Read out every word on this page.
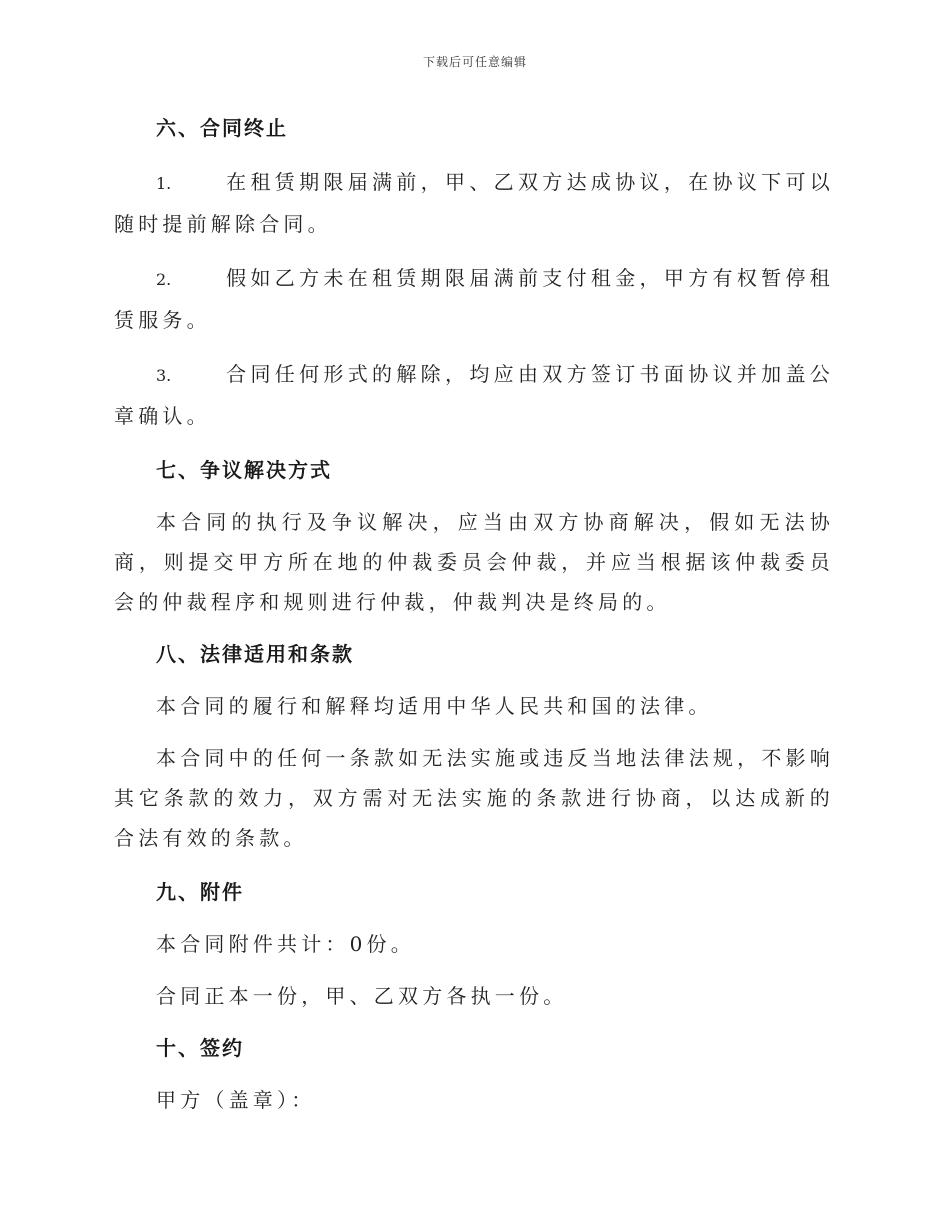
下载后可任意编辑
六、合同终止

1.	在租赁期限届满前，甲、乙双方达成协议，在协议下可以随时提前解除合同。

2.	假如乙方未在租赁期限届满前支付租金，甲方有权暂停租赁服务。

3.	合同任何形式的解除，均应由双方签订书面协议并加盖公章确认。

七、争议解决方式

本合同的执行及争议解决，应当由双方协商解决，假如无法协商，则提交甲方所在地的仲裁委员会仲裁，并应当根据该仲裁委员会的仲裁程序和规则进行仲裁，仲裁判决是终局的。

八、法律适用和条款

本合同的履行和解释均适用中华人民共和国的法律。

本合同中的任何一条款如无法实施或违反当地法律法规，不影响其它条款的效力，双方需对无法实施的条款进行协商，以达成新的合法有效的条款。

九、附件

本合同附件共计：0份。

合同正本一份，甲、乙双方各执一份。

十、签约

甲方（盖章）：
